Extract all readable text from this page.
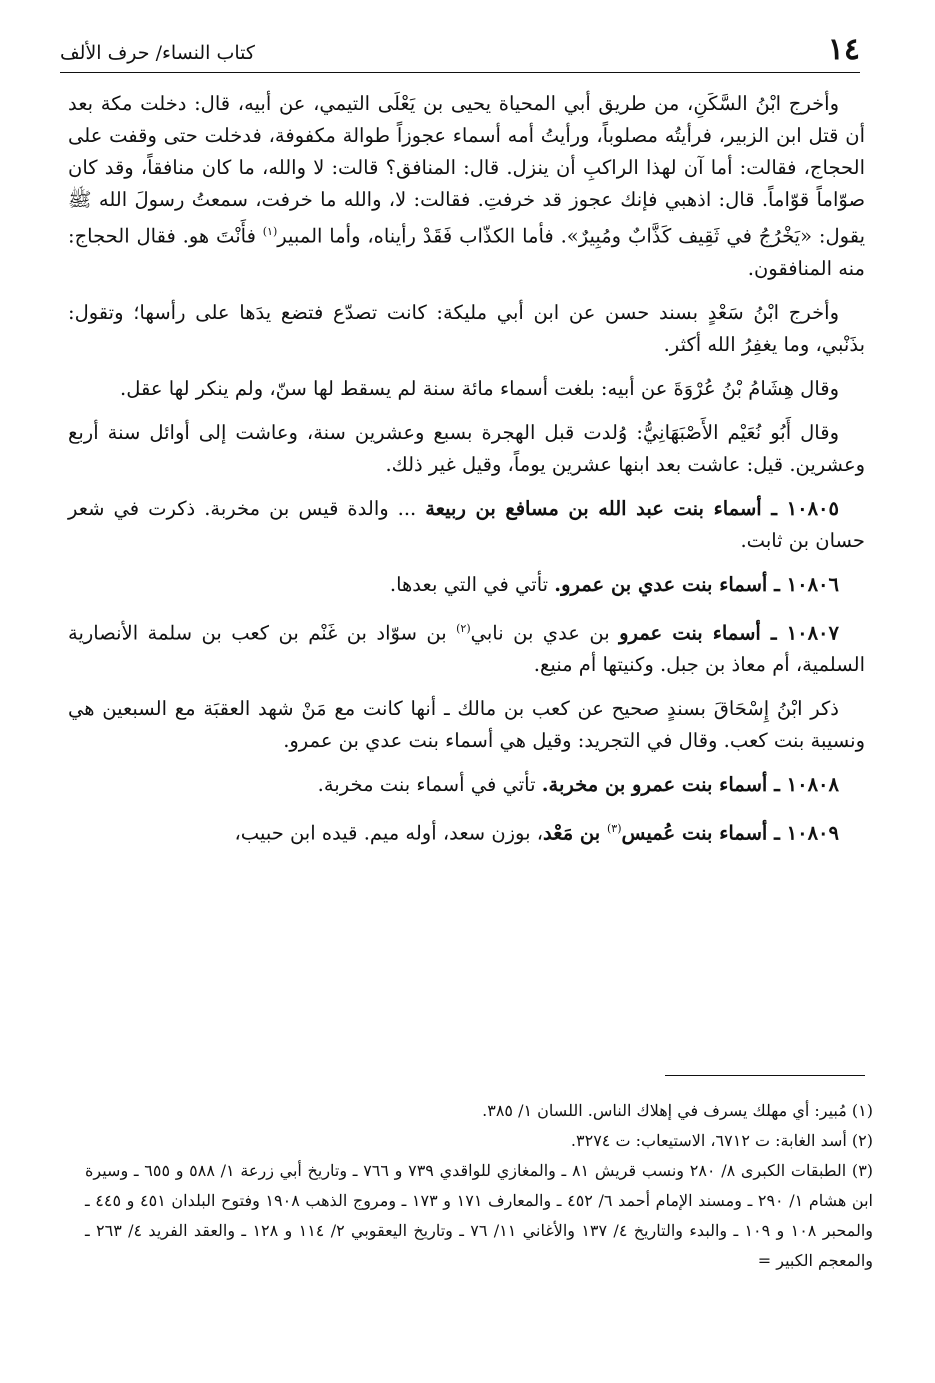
١٤
كتاب النساء/ حرف الألف

وأخرج ابْنُ السَّكَنِ، من طريق أبي المحياة يحيى بن يَعْلَى التيمي، عن أبيه، قال: دخلت مكة بعد أن قتل ابن الزبير، فرأيتُه مصلوباً، ورأيتُ أمه أسماء عجوزاً طوالة مكفوفة، فدخلت حتى وقفت على الحجاج، فقالت: أما آن لهذا الراكبِ أن ينزل. قال: المنافق؟ قالت: لا والله، ما كان منافقاً، وقد كان صوّاماً قوّاماً. قال: اذهبي فإنك عجوز قد خرفتِ. فقالت: لا، والله ما خرفت، سمعتُ رسولَ الله ﷺ يقول: «يَخْرُجُ في ثَقِيف كَذَّابٌ ومُبِيرٌ». فأما الكذّاب فَقَدْ رأيناه، وأما المبير$^{(١)}$ فأَنْتَ هو. فقال الحجاج: منه المنافقون.

وأخرج ابْنُ سَعْدٍ بسند حسن عن ابن أبي مليكة: كانت تصدّع فتضع يدَها على رأسها؛ وتقول: بذَنْبي، وما يغفِرُ الله أكثر.

وقال هِشَامُ بْنُ عُرْوَةَ عن أبيه: بلغت أسماء مائة سنة لم يسقط لها سنّ، ولم ينكر لها عقل.

وقال أَبُو نُعَيْم الأَصْبَهَانِيُّ: وُلدت قبل الهجرة بسبع وعشرين سنة، وعاشت إلى أوائل سنة أربع وعشرين. قيل: عاشت بعد ابنها عشرين يوماً، وقيل غير ذلك.

١٠٨٠٥ ـ أسماء بنت عبد الله بن مسافع بن ربيعة ... والدة قيس بن مخربة. ذكرت في شعر حسان بن ثابت.

١٠٨٠٦ ـ أسماء بنت عدي بن عمرو. تأتي في التي بعدها.

١٠٨٠٧ ـ أسماء بنت عمرو بن عدي بن نابي$^{(٢)}$ بن سوّاد بن غَنْم بن كعب بن سلمة الأنصارية السلمية، أم معاذ بن جبل. وكنيتها أم منيع.

ذكر ابْنُ إِسْحَاقَ بسندٍ صحيح عن كعب بن مالك ـ أنها كانت مع مَنْ شهد العقبَة مع السبعين هي ونسيبة بنت كعب. وقال في التجريد: وقيل هي أسماء بنت عدي بن عمرو.

١٠٨٠٨ ـ أسماء بنت عمرو بن مخربة. تأتي في أسماء بنت مخربة.

١٠٨٠٩ ـ أسماء بنت عُميس$^{(٣)}$ بن مَعْد، بوزن سعد، أوله ميم. قيده ابن حبيب،

(١) مُبير: أي مهلك يسرف في إهلاك الناس. اللسان ١/ ٣٨٥.

(٢) أسد الغابة: ت ٦٧١٢، الاستيعاب: ت ٣٢٧٤.

(٣) الطبقات الكبرى ٨/ ٢٨٠ ونسب قريش ٨١ ـ والمغازي للواقدي ٧٣٩ و ٧٦٦ ـ وتاريخ أبي زرعة ١/ ٥٨٨ و ٦٥٥ ـ وسيرة ابن هشام ١/ ٢٩٠ ـ ومسند الإمام أحمد ٦/ ٤٥٢ ـ والمعارف ١٧١ و ١٧٣ ـ ومروج الذهب ١٩٠٨ وفتوح البلدان ٤٥١ و ٤٤٥ ـ والمحبر ١٠٨ و ١٠٩ ـ والبدء والتاريخ ٤/ ١٣٧ والأغاني ١١/ ٧٦ ـ وتاريخ اليعقوبي ٢/ ١١٤ و ١٢٨ ـ والعقد الفريد ٤/ ٢٦٣ ـ والمعجم الكبير =
